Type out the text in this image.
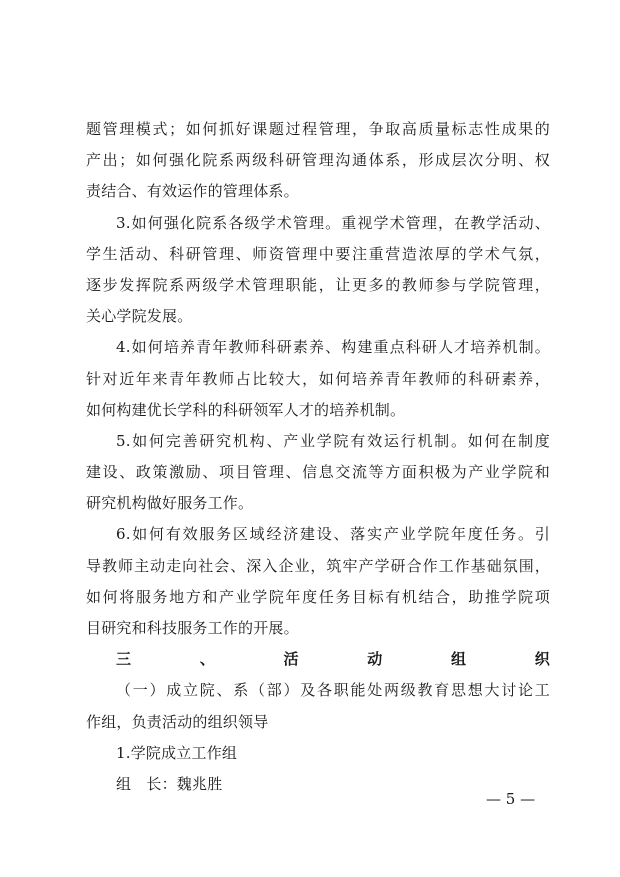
题管理模式；如何抓好课题过程管理，争取高质量标志性成果的
产出；如何强化院系两级科研管理沟通体系，形成层次分明、权
责结合、有效运作的管理体系。
3.如何强化院系各级学术管理。重视学术管理，在教学活动、
学生活动、科研管理、师资管理中要注重营造浓厚的学术气氛，
逐步发挥院系两级学术管理职能，让更多的教师参与学院管理，
关心学院发展。
4.如何培养青年教师科研素养、构建重点科研人才培养机制。
针对近年来青年教师占比较大，如何培养青年教师的科研素养，
如何构建优长学科的科研领军人才的培养机制。
5.如何完善研究机构、产业学院有效运行机制。如何在制度
建设、政策激励、项目管理、信息交流等方面积极为产业学院和
研究机构做好服务工作。
6.如何有效服务区域经济建设、落实产业学院年度任务。引
导教师主动走向社会、深入企业，筑牢产学研合作工作基础氛围，
如何将服务地方和产业学院年度任务目标有机结合，助推学院项
目研究和科技服务工作的开展。
三、活动组织
（一）成立院、系（部）及各职能处两级教育思想大讨论工
作组，负责活动的组织领导
1.学院成立工作组
组　长：魏兆胜
— 5 —
